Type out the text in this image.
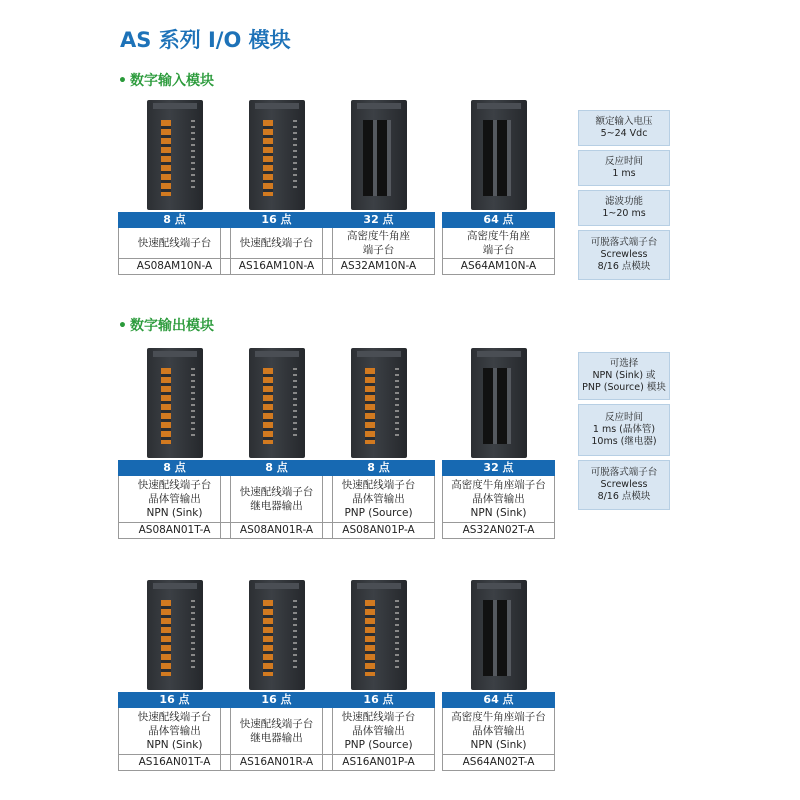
AS 系列 I/O 模块
• 数字输入模块
• 数字输出模块
8 点
快速配线端子台
AS08AM10N-A
16 点
快速配线端子台
AS16AM10N-A
32 点
高密度牛角座
端子台
AS32AM10N-A
64 点
高密度牛角座
端子台
AS64AM10N-A
8 点
快速配线端子台
晶体管输出
NPN (Sink)
AS08AN01T-A
8 点
快速配线端子台
继电器输出
AS08AN01R-A
8 点
快速配线端子台
晶体管输出
PNP (Source)
AS08AN01P-A
32 点
高密度牛角座端子台
晶体管输出
NPN (Sink)
AS32AN02T-A
16 点
快速配线端子台
晶体管输出
NPN (Sink)
AS16AN01T-A
16 点
快速配线端子台
继电器输出
AS16AN01R-A
16 点
快速配线端子台
晶体管输出
PNP (Source)
AS16AN01P-A
64 点
高密度牛角座端子台
晶体管输出
NPN (Sink)
AS64AN02T-A
额定输入电压
5~24 Vdc
反应时间
1 ms
滤波功能
1~20 ms
可脱落式端子台
Screwless
8/16 点模块
可选择
NPN (Sink) 或
PNP (Source) 模块
反应时间
1 ms (晶体管)
10ms (继电器)
可脱落式端子台
Screwless
8/16 点模块
